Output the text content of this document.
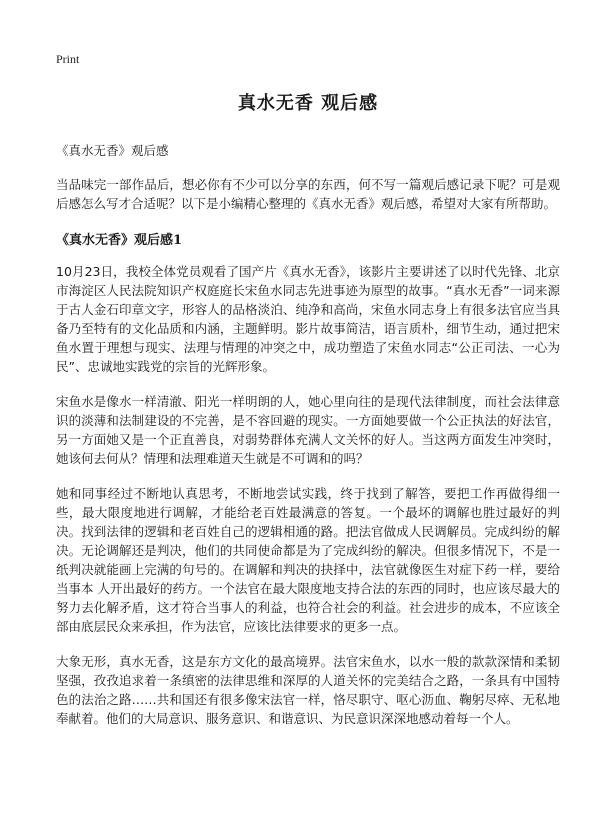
Print
真水无香 观后感
《真水无香》观后感

当品味完一部作品后，想必你有不少可以分享的东西，何不写一篇观后感记录下呢？可是观后感怎么写才合适呢？以下是小编精心整理的《真水无香》观后感，希望对大家有所帮助。

《真水无香》观后感1

10月23日，我校全体党员观看了国产片《真水无香》，该影片主要讲述了以时代先锋、北京市海淀区人民法院知识产权庭庭长宋鱼水同志先进事迹为原型的故事。“真水无香”一词来源于古人金石印章文字，形容人的品格淡泊、纯净和高尚，宋鱼水同志身上有很多法官应当具备乃至特有的文化品质和内涵，主题鲜明。影片故事简洁，语言质朴，细节生动，通过把宋鱼水置于理想与现实、法理与情理的冲突之中，成功塑造了宋鱼水同志“公正司法、一心为民”、忠诚地实践党的宗旨的光辉形象。

宋鱼水是像水一样清澈、阳光一样明朗的人，她心里向往的是现代法律制度，而社会法律意识的淡薄和法制建设的不完善，是不容回避的现实。一方面她要做一个公正执法的好法官，另一方面她又是一个正直善良，对弱势群体充满人文关怀的好人。当这两方面发生冲突时，她该何去何从？情理和法理难道天生就是不可调和的吗？

她和同事经过不断地认真思考，不断地尝试实践，终于找到了解答，要把工作再做得细一些，最大限度地进行调解，才能给老百姓最满意的答复。一个最坏的调解也胜过最好的判决。找到法律的逻辑和老百姓自己的逻辑相通的路。把法官做成人民调解员。完成纠纷的解决。无论调解还是判决，他们的共同使命都是为了完成纠纷的解决。但很多情况下，不是一纸判决就能画上完满的句号的。在调解和判决的抉择中，法官就像医生对症下药一样，要给当事本 人开出最好的药方。一个法官在最大限度地支持合法的东西的同时，也应该尽最大的努力去化解矛盾，这才符合当事人的利益，也符合社会的利益。社会进步的成本，不应该全部由底层民众来承担，作为法官，应该比法律要求的更多一点。

大象无形，真水无香，这是东方文化的最高境界。法官宋鱼水，以水一般的款款深情和柔韧坚强，孜孜追求着一条缜密的法律思维和深厚的人道关怀的完美结合之路，一条具有中国特色的法治之路……共和国还有很多像宋法官一样，恪尽职守、呕心沥血、鞠躬尽瘁、无私地奉献着。他们的大局意识、服务意识、和谐意识、为民意识深深地感动着每一个人。
